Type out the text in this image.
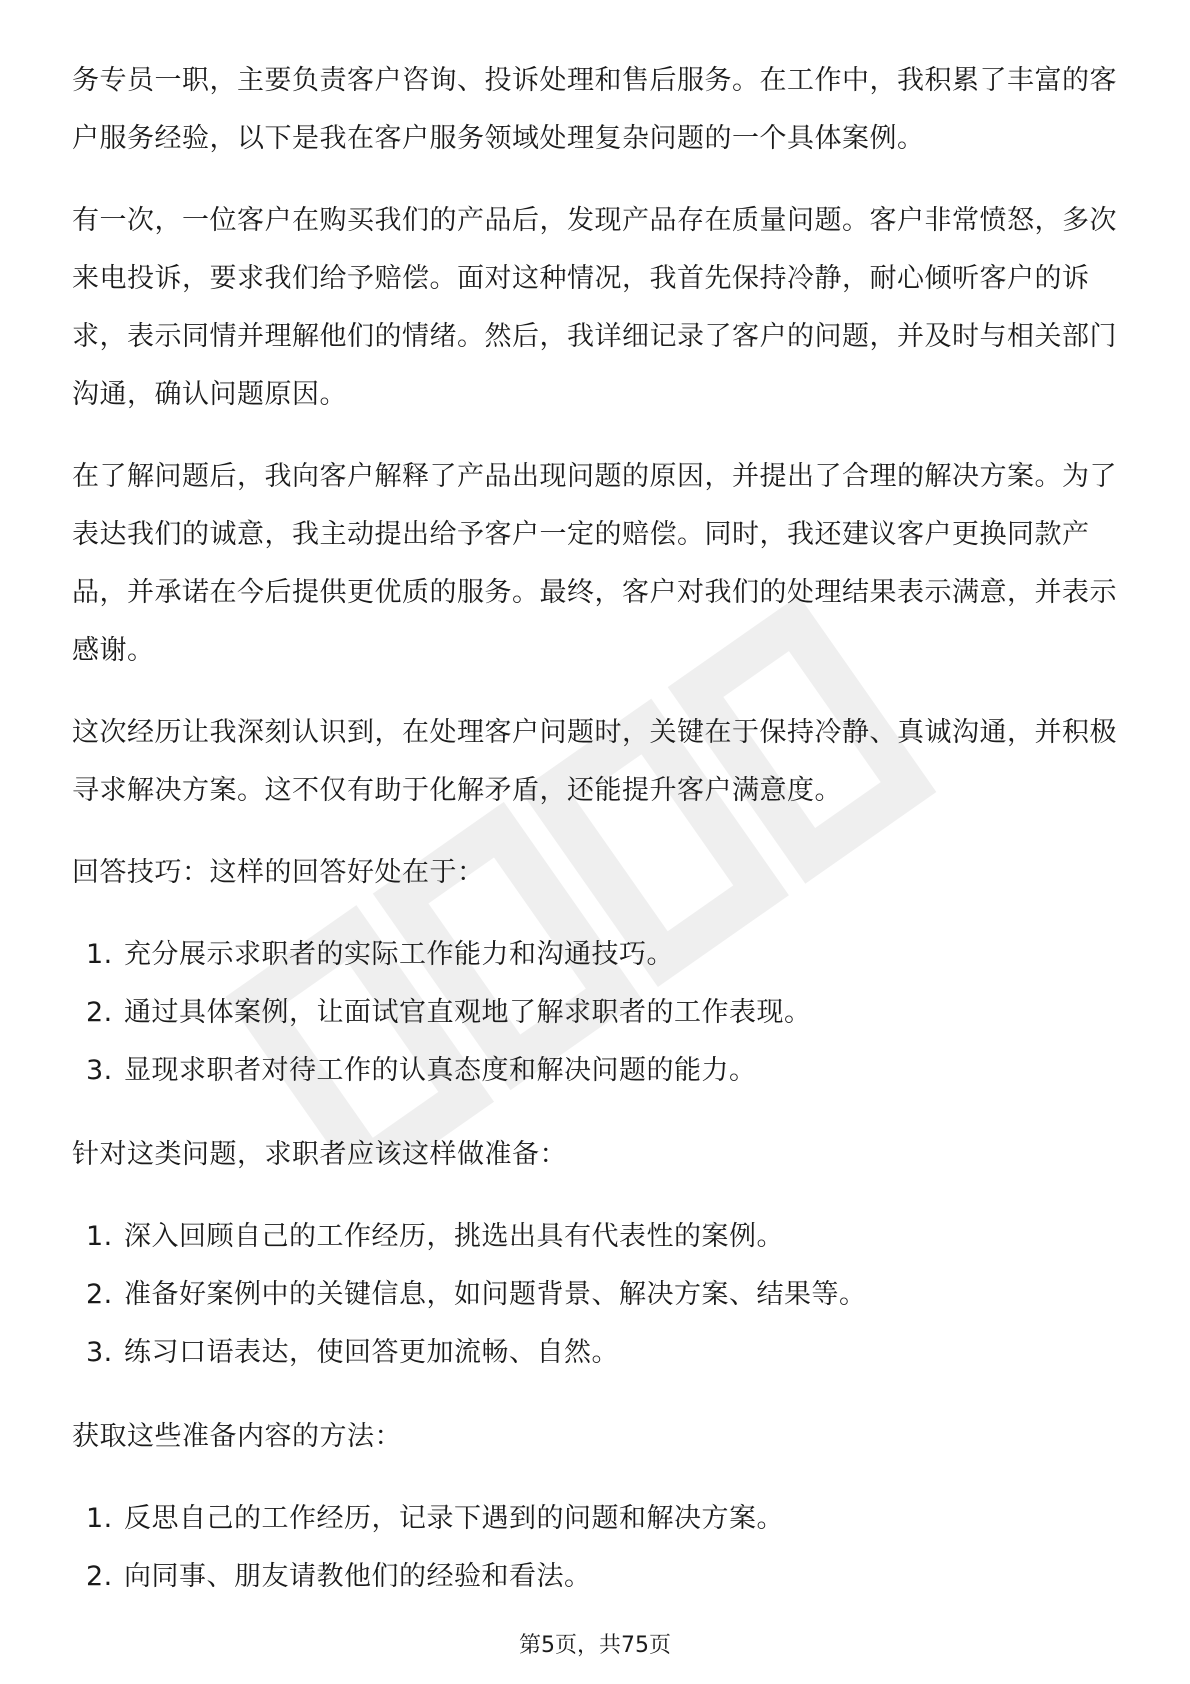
务专员一职，主要负责客户咨询、投诉处理和售后服务。在工作中，我积累了丰富的客户服务经验，以下是我在客户服务领域处理复杂问题的一个具体案例。

有一次，一位客户在购买我们的产品后，发现产品存在质量问题。客户非常愤怒，多次来电投诉，要求我们给予赔偿。面对这种情况，我首先保持冷静，耐心倾听客户的诉求，表示同情并理解他们的情绪。然后，我详细记录了客户的问题，并及时与相关部门沟通，确认问题原因。

在了解问题后，我向客户解释了产品出现问题的原因，并提出了合理的解决方案。为了表达我们的诚意，我主动提出给予客户一定的赔偿。同时，我还建议客户更换同款产品，并承诺在今后提供更优质的服务。最终，客户对我们的处理结果表示满意，并表示感谢。

这次经历让我深刻认识到，在处理客户问题时，关键在于保持冷静、真诚沟通，并积极寻求解决方案。这不仅有助于化解矛盾，还能提升客户满意度。

回答技巧：这样的回答好处在于：

1. 充分展示求职者的实际工作能力和沟通技巧。
2. 通过具体案例，让面试官直观地了解求职者的工作表现。
3. 显现求职者对待工作的认真态度和解决问题的能力。

针对这类问题，求职者应该这样做准备：

1. 深入回顾自己的工作经历，挑选出具有代表性的案例。
2. 准备好案例中的关键信息，如问题背景、解决方案、结果等。
3. 练习口语表达，使回答更加流畅、自然。

获取这些准备内容的方法：

1. 反思自己的工作经历，记录下遇到的问题和解决方案。
2. 向同事、朋友请教他们的经验和看法。
第5页，共75页
